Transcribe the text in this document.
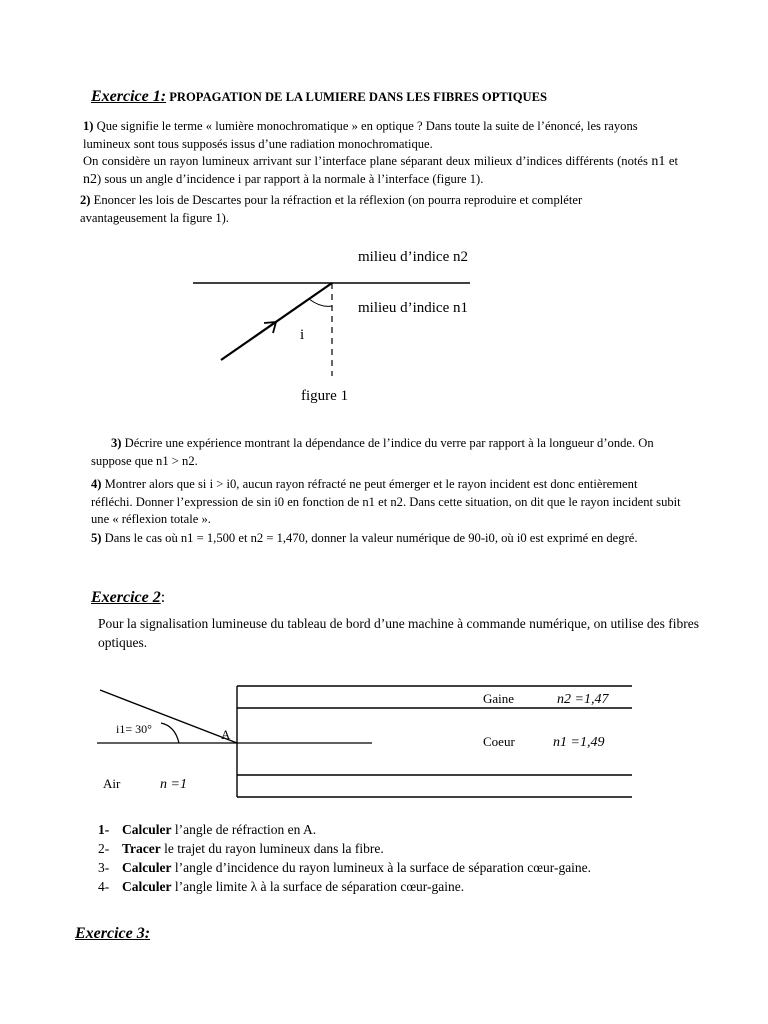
Exercice 1: PROPAGATION DE LA LUMIERE DANS LES FIBRES OPTIQUES
1) Que signifie le terme « lumière monochromatique » en optique ? Dans toute la suite de l’énoncé, les rayons lumineux sont tous supposés issus d’une radiation monochromatique.
On considère un rayon lumineux arrivant sur l’interface plane séparant deux milieux d’indices différents (notés n1 et n2) sous un angle d’incidence i par rapport à la normale à l’interface (figure 1).
2) Enoncer les lois de Descartes pour la réfraction et la réflexion (on pourra reproduire et compléter avantageusement la figure 1).
i
milieu d’indice n2
milieu d’indice n1
figure 1
3) Décrire une expérience montrant la dépendance de l’indice du verre par rapport à la longueur d’onde. On suppose que n1 > n2.
4) Montrer alors que si i > i0, aucun rayon réfracté ne peut émerger et le rayon incident est donc entièrement réfléchi. Donner l’expression de sin i0 en fonction de n1 et n2. Dans cette situation, on dit que le rayon incident subit une « réflexion totale ».
5) Dans le cas où n1 = 1,500 et n2 = 1,470, donner la valeur numérique de 90-i0, où i0 est exprimé en degré.
Exercice 2:
Pour la signalisation lumineuse du tableau de bord d’une machine à commande numérique, on utilise des fibres optiques.
i1= 30°	A
Gaine	n2 =1,47
Coeur	n1 =1,49
Air	n =1
1- Calculer l’angle de réfraction en A.
2- Tracer le trajet du rayon lumineux dans la fibre.
3- Calculer l’angle d’incidence du rayon lumineux à la surface de séparation cœur-gaine.
4- Calculer l’angle limite λ à la surface de séparation cœur-gaine.
Exercice 3:
